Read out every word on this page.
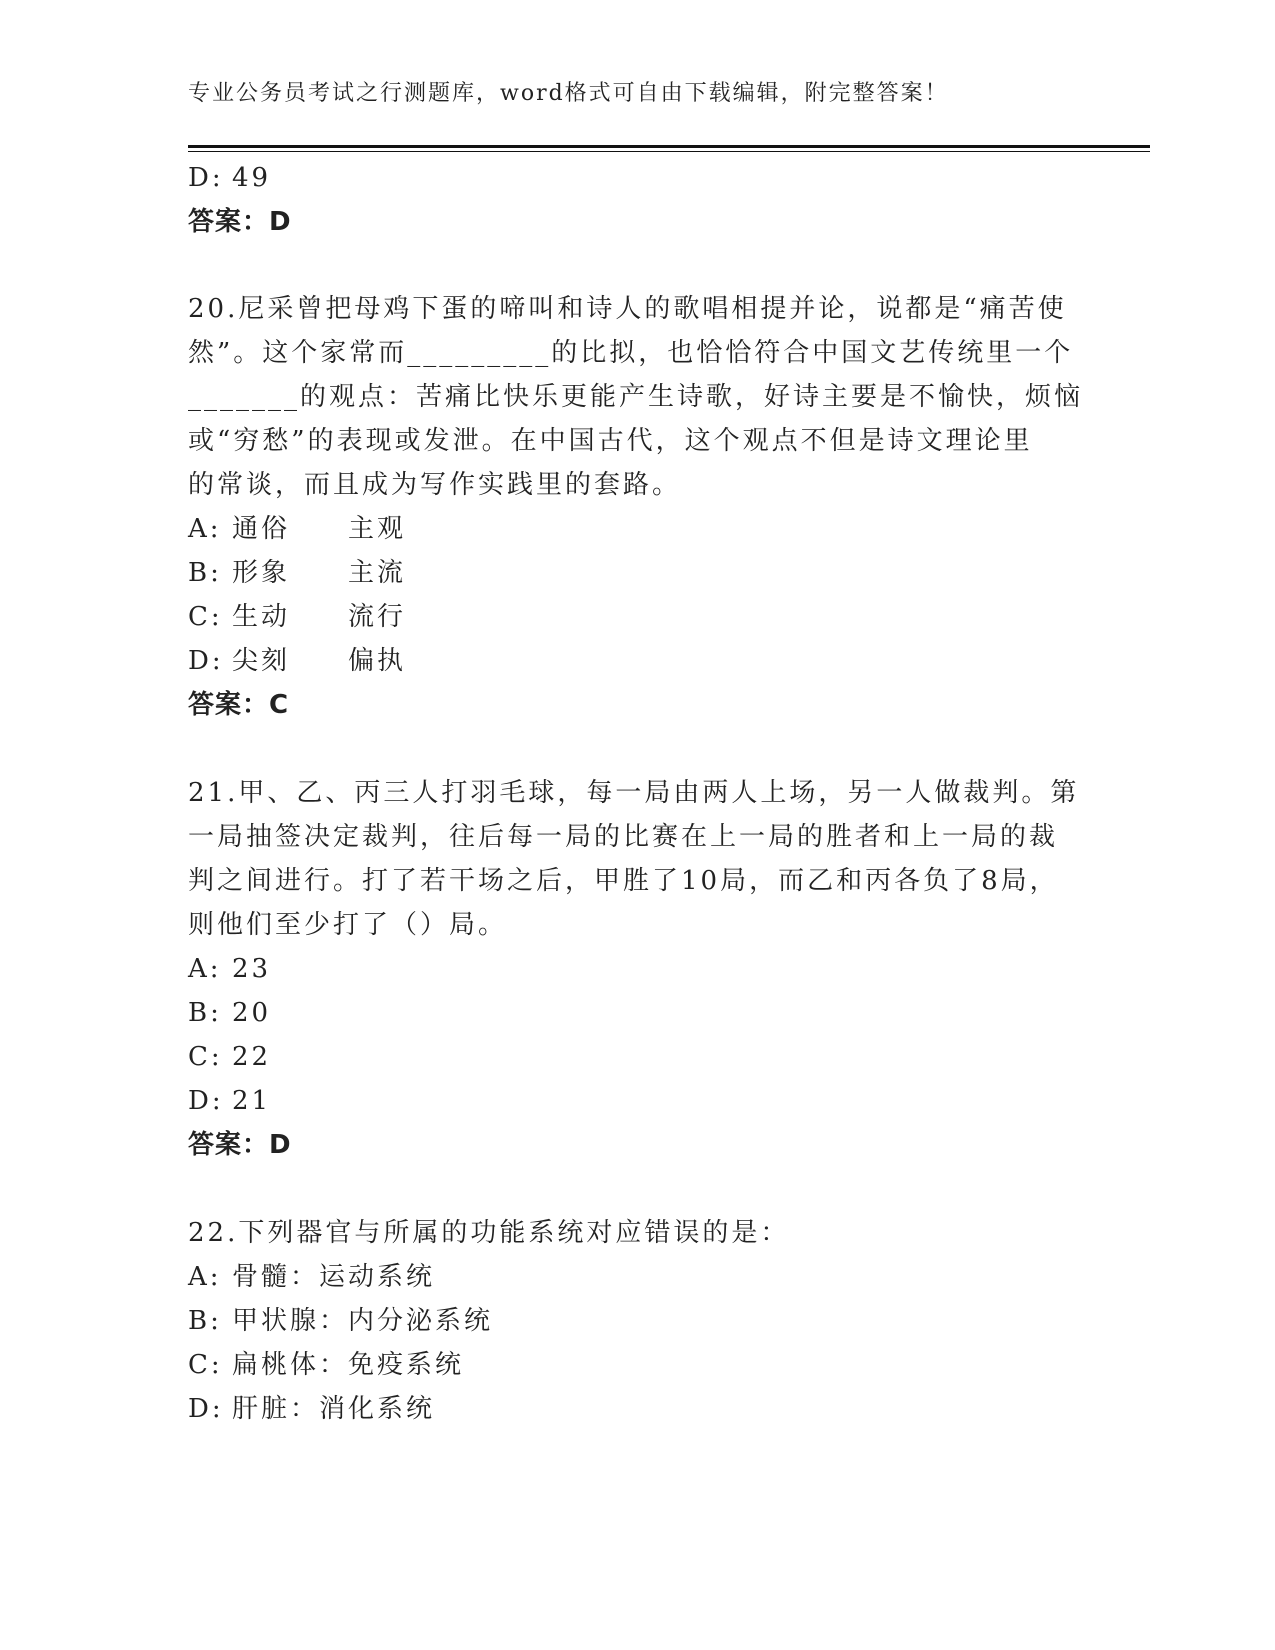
专业公务员考试之行测题库，word格式可自由下载编辑，附完整答案！
D: 49
答案：D
20.尼采曾把母鸡下蛋的啼叫和诗人的歌唱相提并论，说都是“痛苦使
然”。这个家常而_________的比拟，也恰恰符合中国文艺传统里一个
_______的观点：苦痛比快乐更能产生诗歌，好诗主要是不愉快，烦恼
或“穷愁”的表现或发泄。在中国古代，这个观点不但是诗文理论里
的常谈，而且成为写作实践里的套路。
A: 通俗 主观
B: 形象 主流
C: 生动 流行
D: 尖刻 偏执
答案：C
21.甲、乙、丙三人打羽毛球，每一局由两人上场，另一人做裁判。第
一局抽签决定裁判，往后每一局的比赛在上一局的胜者和上一局的裁
判之间进行。打了若干场之后，甲胜了10局，而乙和丙各负了8局，
则他们至少打了（）局。
A: 23
B: 20
C: 22
D: 21
答案：D
22.下列器官与所属的功能系统对应错误的是：
A: 骨髓：运动系统
B: 甲状腺：内分泌系统
C: 扁桃体：免疫系统
D: 肝脏：消化系统
